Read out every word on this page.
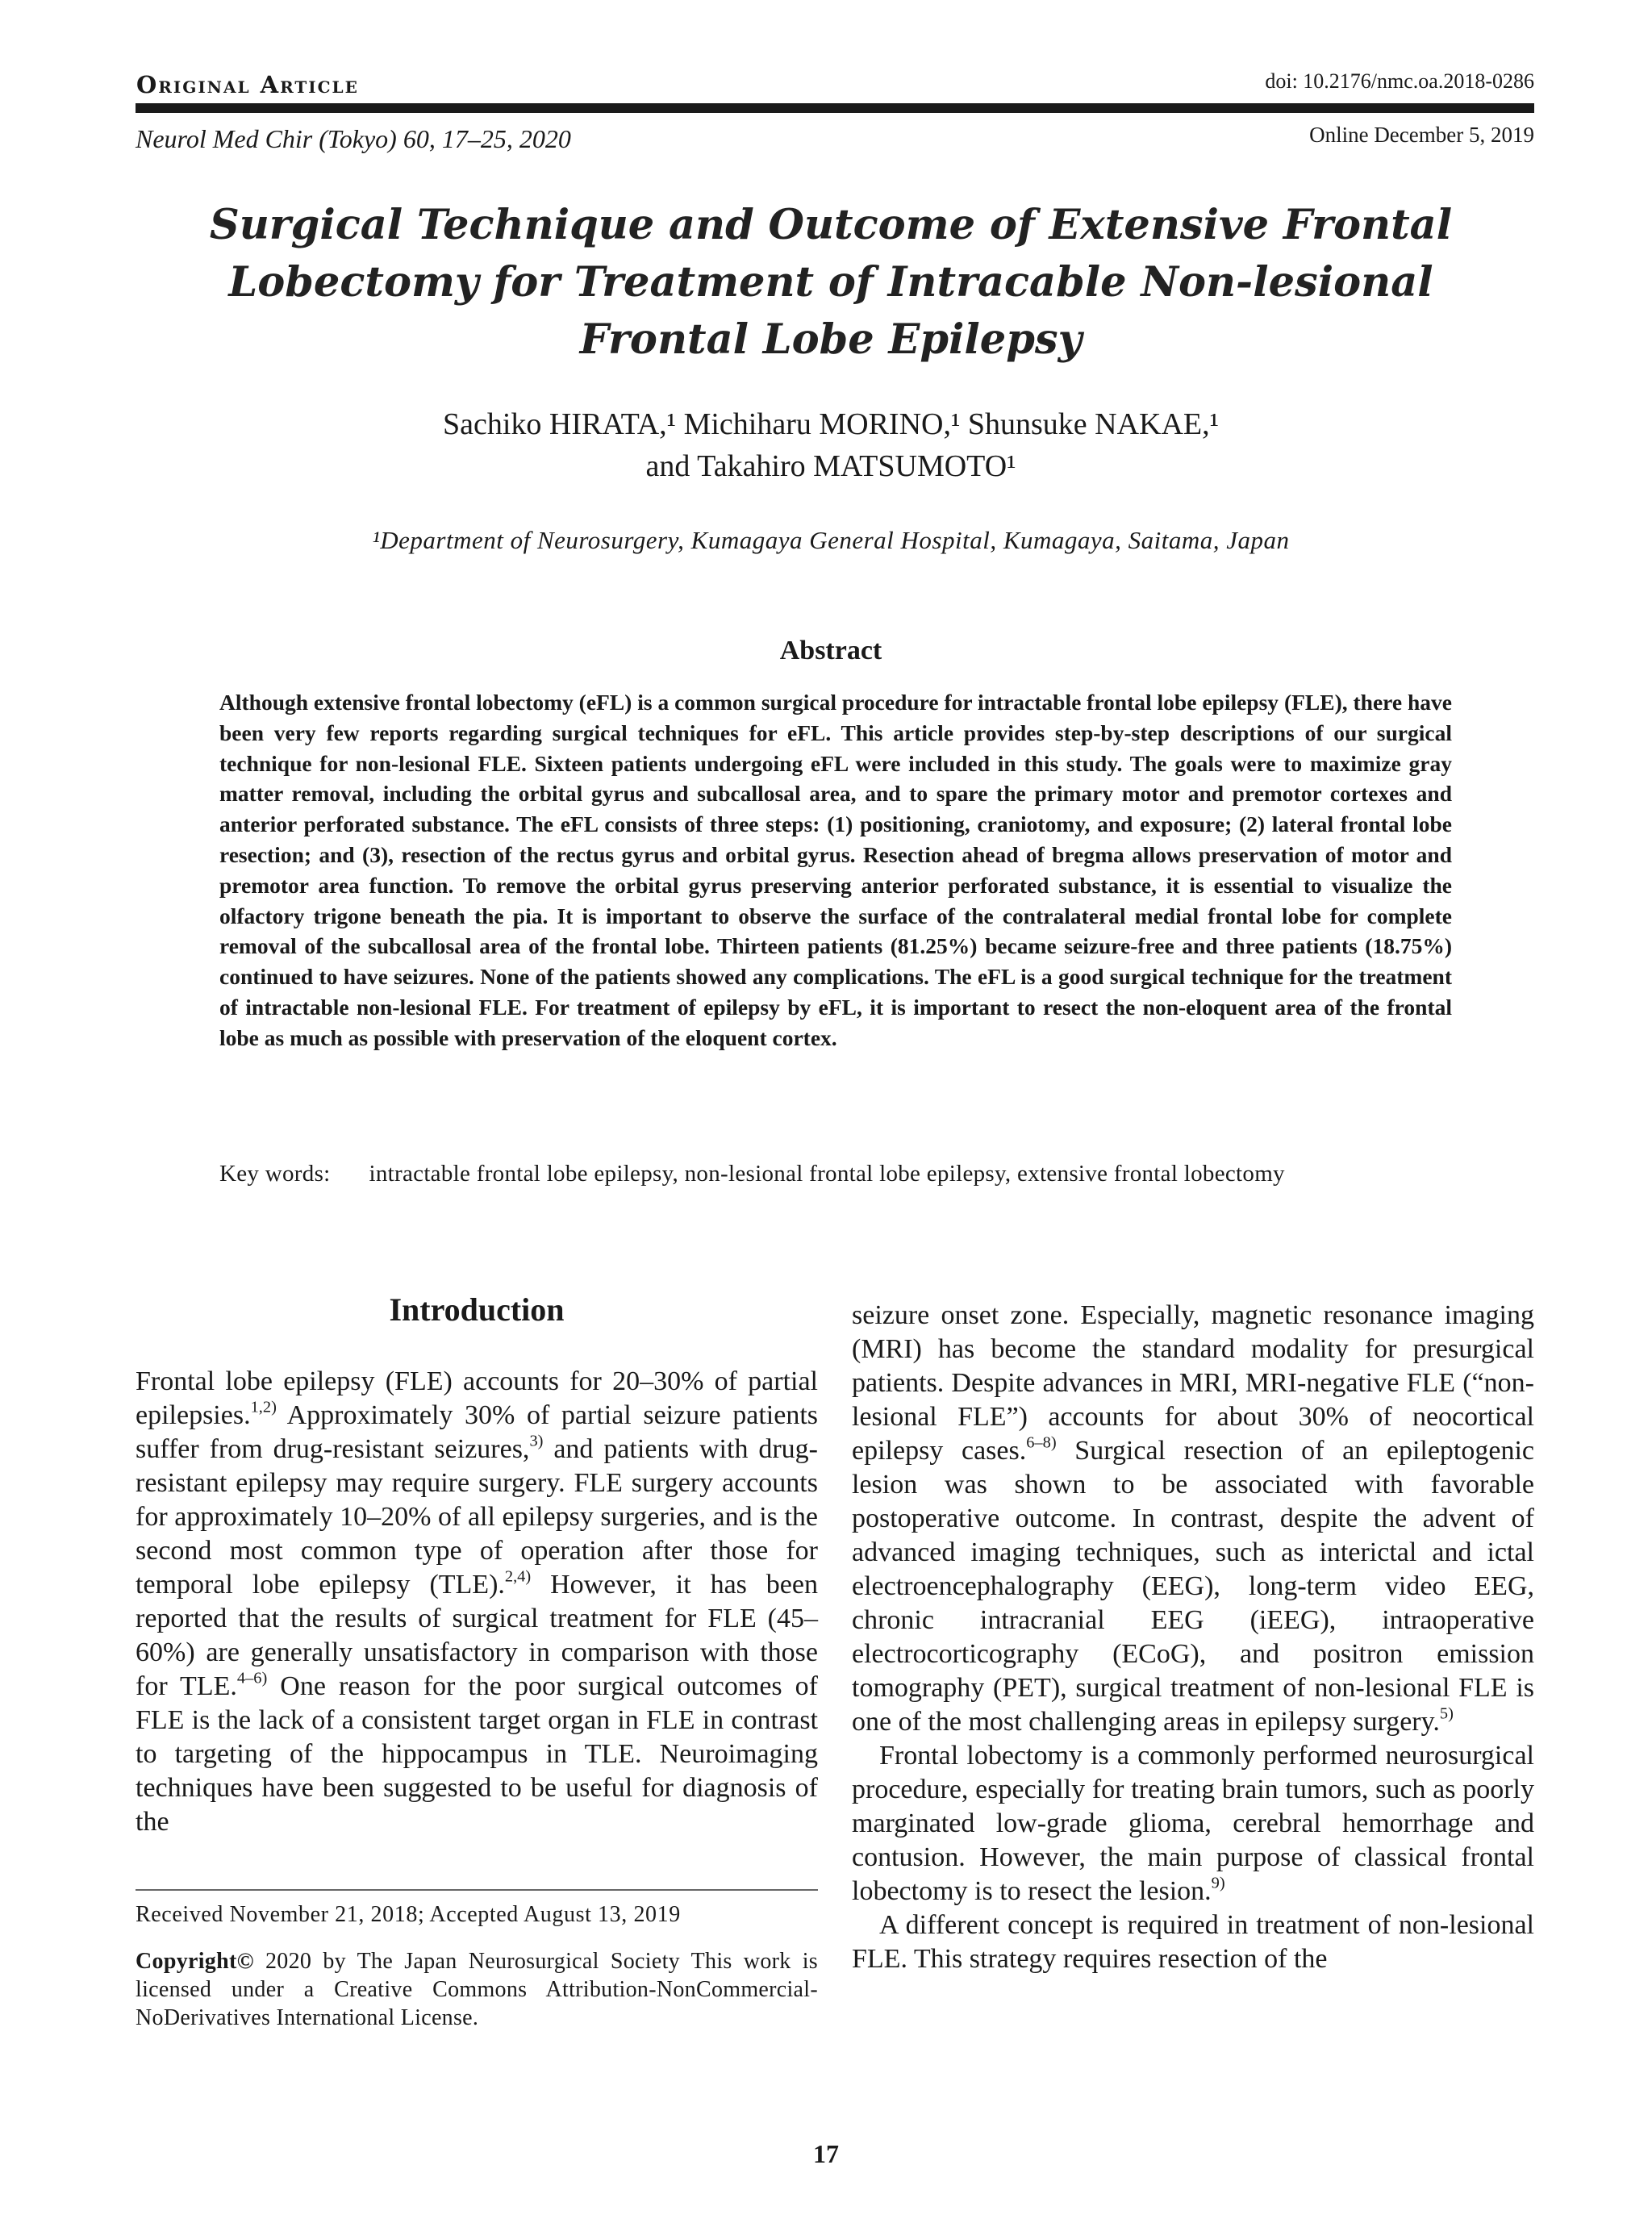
Original Article	doi: 10.2176/nmc.oa.2018-0286
Neurol Med Chir (Tokyo) 60, 17–25, 2020	Online December 5, 2019
Surgical Technique and Outcome of Extensive Frontal
Lobectomy for Treatment of Intracable Non-lesional
Frontal Lobe Epilepsy
Sachiko HIRATA,¹ Michiharu MORINO,¹ Shunsuke NAKAE,¹
and Takahiro MATSUMOTO¹
¹Department of Neurosurgery, Kumagaya General Hospital, Kumagaya, Saitama, Japan
Abstract
Although extensive frontal lobectomy (eFL) is a common surgical procedure for intractable frontal lobe epilepsy (FLE), there have been very few reports regarding surgical techniques for eFL. This article provides step-by-step descriptions of our surgical technique for non-lesional FLE. Sixteen patients undergoing eFL were included in this study. The goals were to maximize gray matter removal, including the orbital gyrus and subcallosal area, and to spare the primary motor and premotor cortexes and anterior perforated substance. The eFL consists of three steps: (1) positioning, craniotomy, and exposure; (2) lateral frontal lobe resection; and (3), resection of the rectus gyrus and orbital gyrus. Resection ahead of bregma allows preservation of motor and premotor area function. To remove the orbital gyrus preserving anterior perforated substance, it is essential to visualize the olfactory trigone beneath the pia. It is important to observe the surface of the contralateral medial frontal lobe for complete removal of the subcallosal area of the frontal lobe. Thirteen patients (81.25%) became seizure-free and three patients (18.75%) continued to have seizures. None of the patients showed any complications. The eFL is a good surgical technique for the treatment of intractable non-lesional FLE. For treatment of epilepsy by eFL, it is important to resect the non-eloquent area of the frontal lobe as much as possible with preservation of the eloquent cortex.
Key words: intractable frontal lobe epilepsy, non-lesional frontal lobe epilepsy, extensive frontal lobectomy
Introduction

Frontal lobe epilepsy (FLE) accounts for 20–30% of partial epilepsies.$^{1,2)}$ Approximately 30% of partial seizure patients suffer from drug-resistant seizures,$^{3)}$ and patients with drug-resistant epilepsy may require surgery. FLE surgery accounts for approximately 10–20% of all epilepsy surgeries, and is the second most common type of operation after those for temporal lobe epilepsy (TLE).$^{2,4)}$ However, it has been reported that the results of surgical treatment for FLE (45–60%) are generally unsatisfactory in comparison with those for TLE.$^{4-6)}$ One reason for the poor surgical outcomes of FLE is the lack of a consistent target organ in FLE in contrast to targeting of the hippocampus in TLE. Neuroimaging techniques have been suggested to be useful for diagnosis of the

seizure onset zone. Especially, magnetic resonance imaging (MRI) has become the standard modality for presurgical patients. Despite advances in MRI, MRI-negative FLE (“non-lesional FLE”) accounts for about 30% of neocortical epilepsy cases.$^{6-8)}$ Surgical resection of an epileptogenic lesion was shown to be associated with favorable postoperative outcome. In contrast, despite the advent of advanced imaging techniques, such as interictal and ictal electroencephalography (EEG), long-term video EEG, chronic intracranial EEG (iEEG), intraoperative electrocorticography (ECoG), and positron emission tomography (PET), surgical treatment of non-lesional FLE is one of the most challenging areas in epilepsy surgery.$^{5)}$

Frontal lobectomy is a commonly performed neurosurgical procedure, especially for treating brain tumors, such as poorly marginated low-grade glioma, cerebral hemorrhage and contusion. However, the main purpose of classical frontal lobectomy is to resect the lesion.$^{9)}$

A different concept is required in treatment of non-lesional FLE. This strategy requires resection of the

Received November 21, 2018; Accepted August 13, 2019
Copyright© 2020 by The Japan Neurosurgical Society This work is licensed under a Creative Commons Attribution-NonCommercial-NoDerivatives International License.
17
